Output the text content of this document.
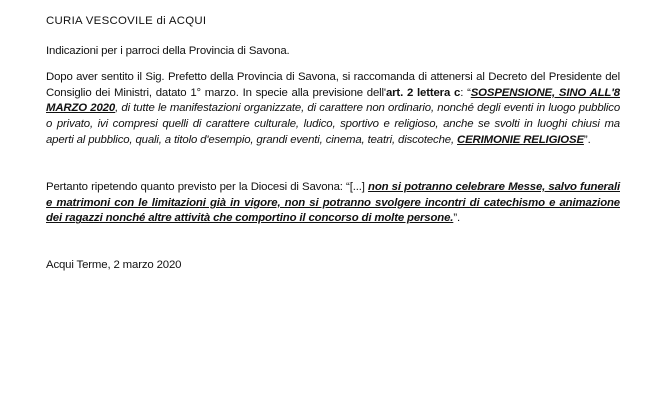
CURIA VESCOVILE di ACQUI

Indicazioni per i parroci della Provincia di Savona.

Dopo aver sentito il Sig. Prefetto della Provincia di Savona, si raccomanda di attenersi al Decreto del Presidente del Consiglio dei Ministri, datato 1° marzo. In specie alla previsione dell'art. 2 lettera c: “SOSPENSIONE, SINO ALL'8 MARZO 2020, di tutte le manifestazioni organizzate, di carattere non ordinario, nonché degli eventi in luogo pubblico o privato, ivi compresi quelli di carattere culturale, ludico, sportivo e religioso, anche se svolti in luoghi chiusi ma aperti al pubblico, quali, a titolo d'esempio, grandi eventi, cinema, teatri, discoteche, CERIMONIE RELIGIOSE”.

Pertanto ripetendo quanto previsto per la Diocesi di Savona: “[...] non si potranno celebrare Messe, salvo funerali e matrimoni con le limitazioni già in vigore, non si potranno svolgere incontri di catechismo e animazione dei ragazzi nonché altre attività che comportino il concorso di molte persone.”.

Acqui Terme, 2 marzo 2020
